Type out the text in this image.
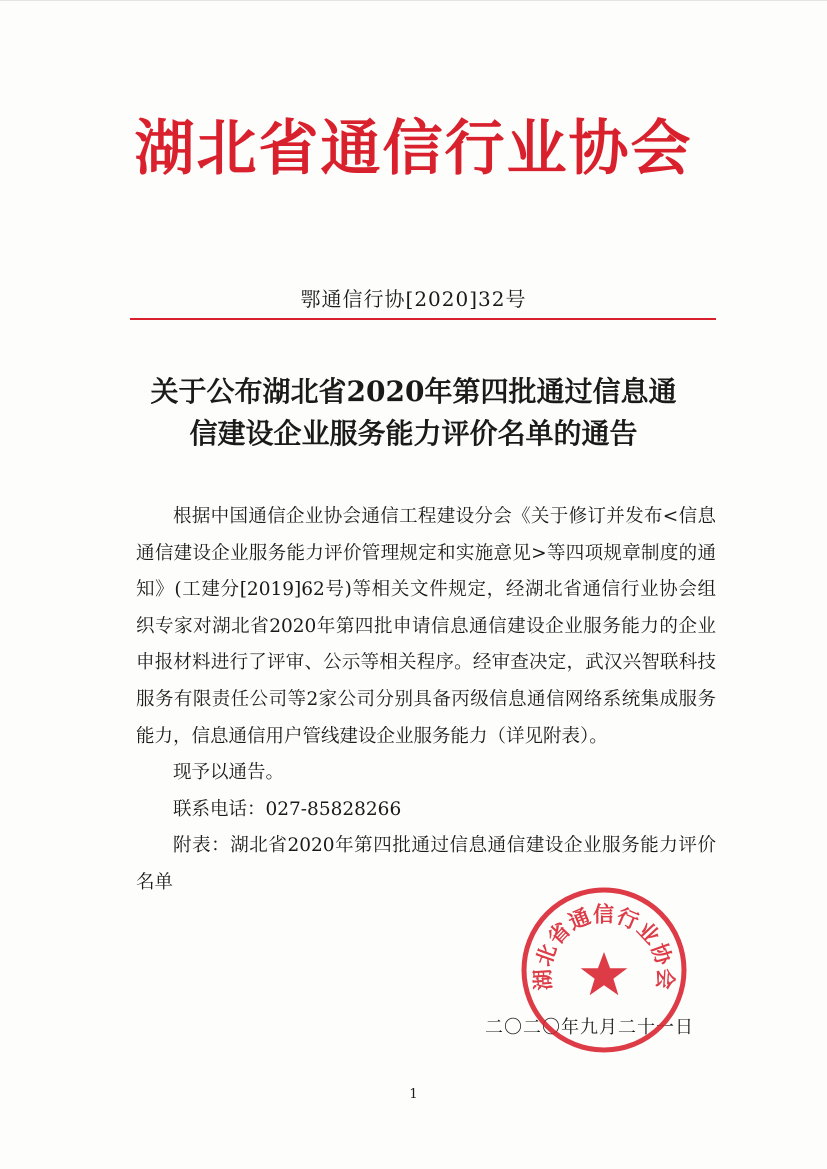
湖北省通信行业协会
鄂通信行协[2020]32号
关于公布湖北省2020年第四批通过信息通
信建设企业服务能力评价名单的通告

根据中国通信企业协会通信工程建设分会《关于修订并发布<信息通信建设企业服务能力评价管理规定和实施意见>等四项规章制度的通知》(工建分[2019]62号)等相关文件规定，经湖北省通信行业协会组织专家对湖北省2020年第四批申请信息通信建设企业服务能力的企业申报材料进行了评审、公示等相关程序。经审查决定，武汉兴智联科技服务有限责任公司等2家公司分别具备丙级信息通信网络系统集成服务能力，信息通信用户管线建设企业服务能力（详见附表）。

现予以通告。

联系电话：027-85828266

附表：湖北省2020年第四批通过信息通信建设企业服务能力评价名单

二〇二〇年九月二十一日
湖北省通信行业协会
1
